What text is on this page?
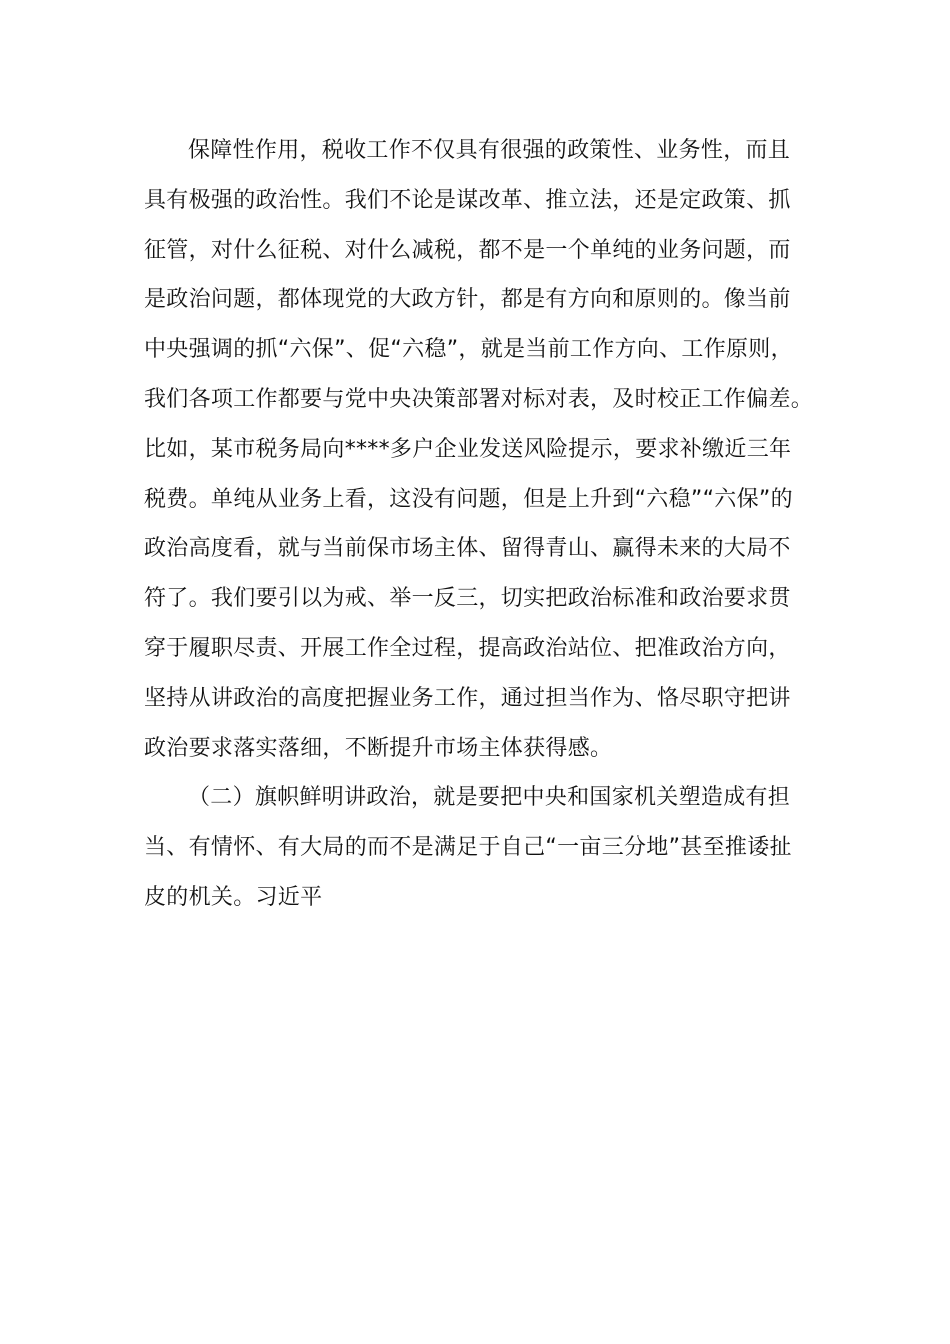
保障性作用，税收工作不仅具有很强的政策性、业务性，而且
具有极强的政治性。我们不论是谋改革、推立法，还是定政策、抓
征管，对什么征税、对什么减税，都不是一个单纯的业务问题，而
是政治问题，都体现党的大政方针，都是有方向和原则的。像当前
中央强调的抓“六保”、促“六稳”，就是当前工作方向、工作原则，
我们各项工作都要与党中央决策部署对标对表，及时校正工作偏差。
比如，某市税务局向****多户企业发送风险提示，要求补缴近三年
税费。单纯从业务上看，这没有问题，但是上升到“六稳”“六保”的
政治高度看，就与当前保市场主体、留得青山、赢得未来的大局不
符了。我们要引以为戒、举一反三，切实把政治标准和政治要求贯
穿于履职尽责、开展工作全过程，提高政治站位、把准政治方向，
坚持从讲政治的高度把握业务工作，通过担当作为、恪尽职守把讲
政治要求落实落细，不断提升市场主体获得感。
（二）旗帜鲜明讲政治，就是要把中央和国家机关塑造成有担
当、有情怀、有大局的而不是满足于自己“一亩三分地”甚至推诿扯
皮的机关。习近平
